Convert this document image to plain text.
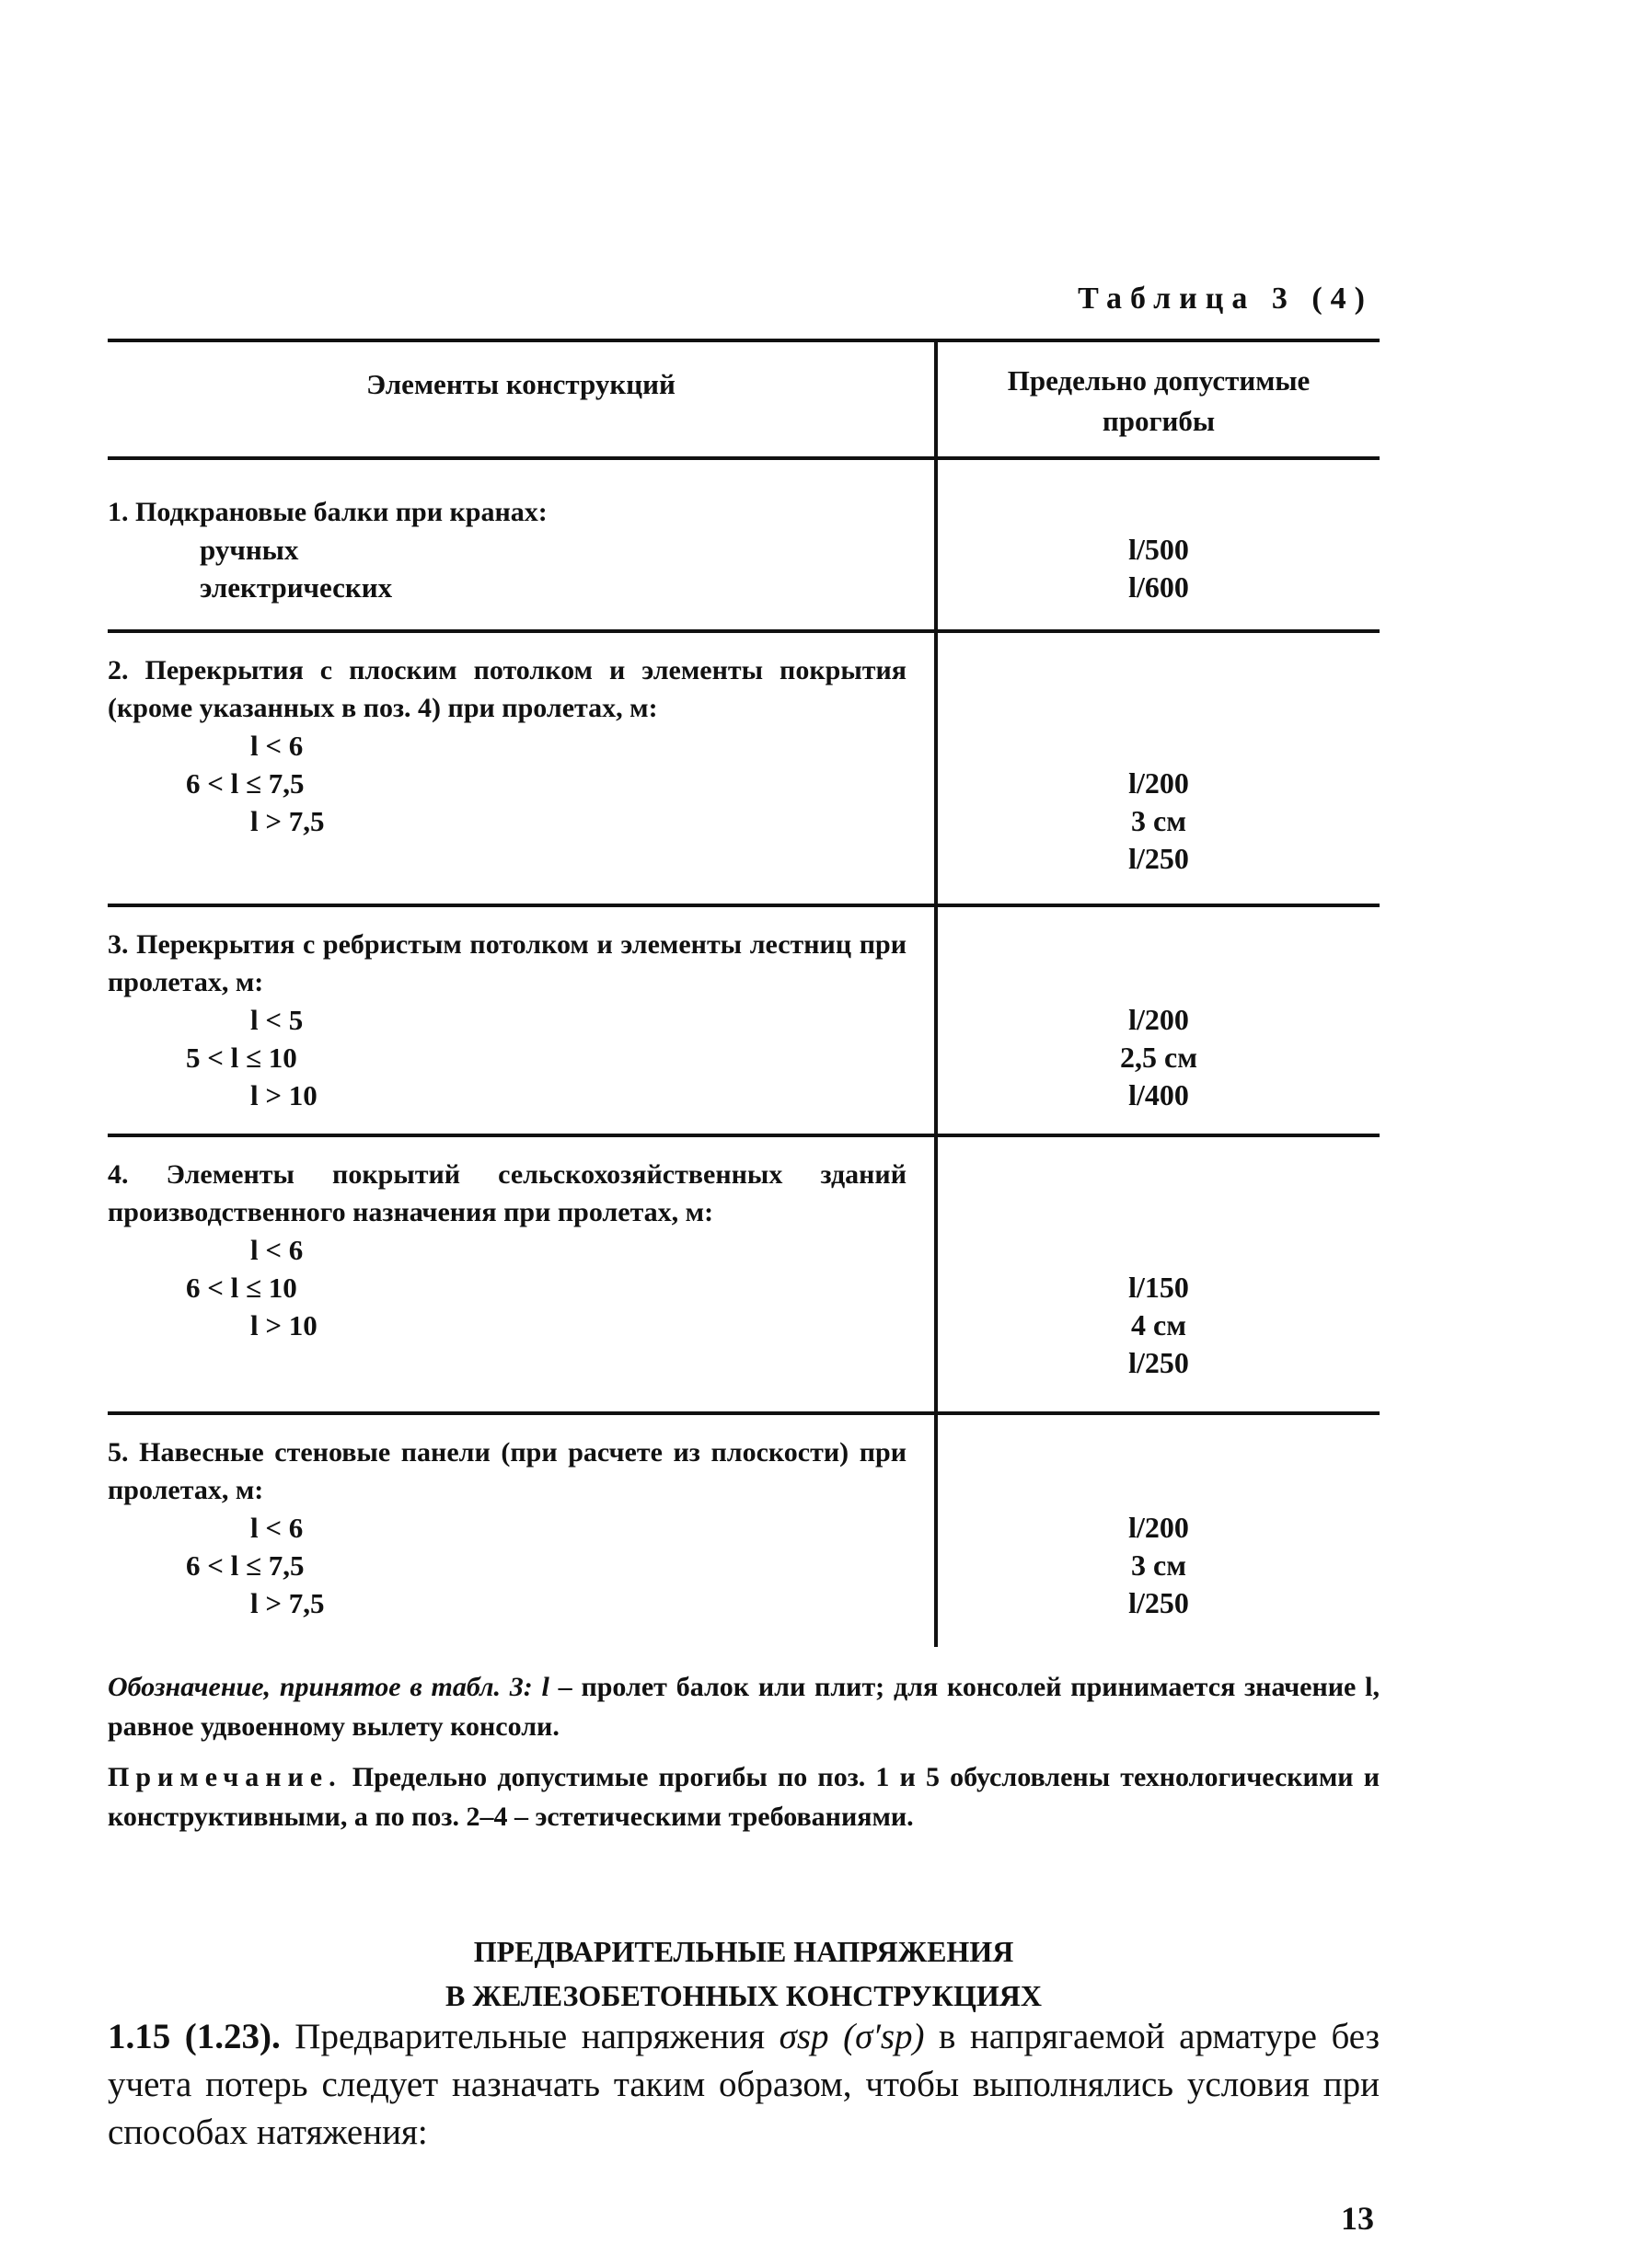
Таблица 3 (4)
Элементы конструкций	Предельно допустимые
прогибы

1. Подкрановые балки при кранах:

ручных
электрических
l/500
l/600

2. Перекрытия с плоским потолком и элементы покрытия (кроме указанных в поз. 4) при пролетах, м:

l < 6
6 < l ≤ 7,5
l > 7,5
l/200
3 см
l/250

3. Перекрытия с ребристым потолком и элементы лестниц при пролетах, м:

l < 5
5 < l ≤ 10
l > 10
l/200
2,5 см
l/400

4. Элементы покрытий сельскохозяйственных зданий производственного назначения при пролетах, м:

l < 6
6 < l ≤ 10
l > 10
l/150
4 см
l/250

5. Навесные стеновые панели (при расчете из плоскости) при пролетах, м:

l < 6
6 < l ≤ 7,5
l > 7,5
l/200
3 см
l/250
Обозначение, принятое в табл. 3: l – пролет балок или плит; для консолей принимается значение l, равное удвоенному вылету консоли.
Примечание. Предельно допустимые прогибы по поз. 1 и 5 обусловлены технологическими и конструктивными, а по поз. 2–4 – эстетическими требованиями.
ПРЕДВАРИТЕЛЬНЫЕ НАПРЯЖЕНИЯ
В ЖЕЛЕЗОБЕТОННЫХ КОНСТРУКЦИЯХ
1.15 (1.23). Предварительные напряжения σsp (σ′sp) в напрягаемой арматуре без учета потерь следует назначать таким образом, чтобы выполнялись условия при способах натяжения:
13
